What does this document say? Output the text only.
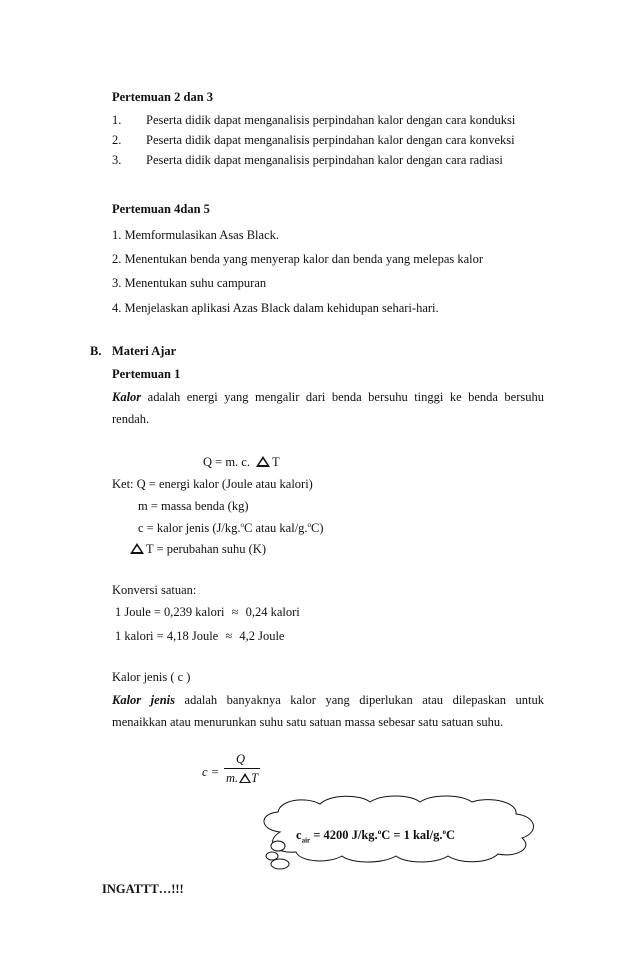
Pertemuan 2 dan 3
1. Peserta didik dapat menganalisis perpindahan kalor dengan cara konduksi
2. Peserta didik dapat menganalisis perpindahan kalor dengan cara konveksi
3. Peserta didik dapat menganalisis perpindahan kalor dengan cara radiasi
Pertemuan 4dan 5
1. Memformulasikan Asas Black.
2. Menentukan benda yang menyerap kalor dan benda yang melepas kalor
3. Menentukan suhu campuran
4. Menjelaskan aplikasi Azas Black dalam kehidupan sehari-hari.
B. Materi Ajar
Pertemuan 1
Kalor adalah energi yang mengalir dari benda bersuhu tinggi ke benda bersuhu
rendah.
Q = m. c. T
Ket: Q = energi kalor (Joule atau kalori)
m = massa benda (kg)
c = kalor jenis (J/kg.$^o$C atau kal/g.$^o$C)
T = perubahan suhu (K)
Konversi satuan:
1 Joule = 0,239 kalori ≈ 0,24 kalori
1 kalori = 4,18 Joule ≈ 4,2 Joule
Kalor jenis ( c )
Kalor jenis adalah banyaknya kalor yang diperlukan atau dilepaskan untuk
menaikkan atau menurunkan suhu satu satuan massa sebesar satu satuan suhu.
c =
Q
m. T
$c_{air} = 4200$ J/kg.$^o$C = 1 kal/g.$^o$C
INGATTT…!!!
